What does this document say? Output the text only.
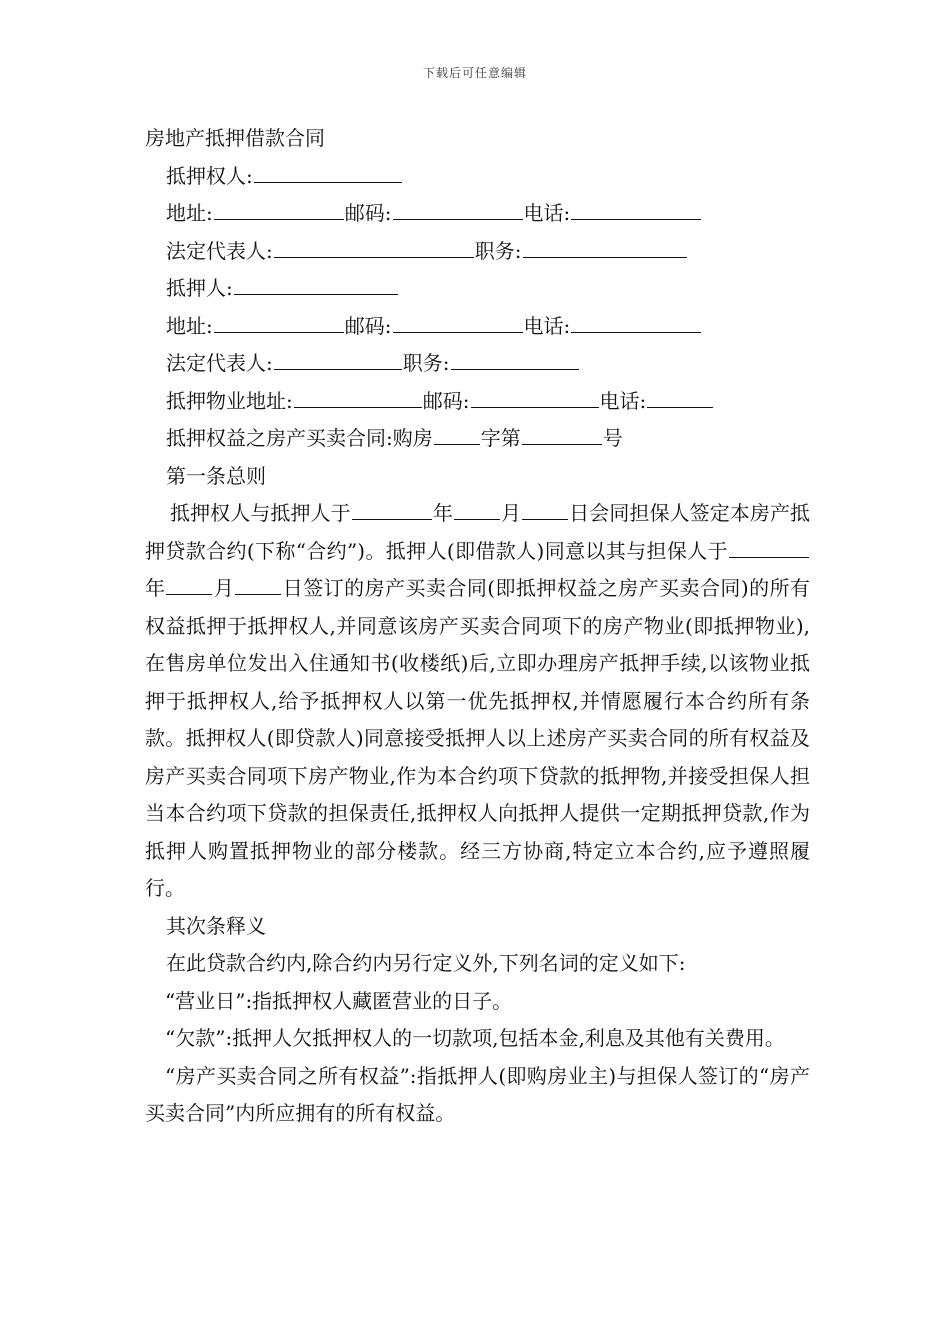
下载后可任意编辑
房地产抵押借款合同
抵押权人:
地址:	邮码:	电话:
法定代表人:	职务:
抵押人:
地址:	邮码:	电话:
法定代表人:	职务:
抵押物业地址:	邮码:	电话:
抵押权益之房产买卖合同:购房 字第	号
第一条总则
抵押权人与抵押人于	年 月 日会同担保人签定本房产抵押贷款合约(下称“合约”)。抵押人(即借款人)同意以其与担保人于年 月 日签订的房产买卖合同(即抵押权益之房产买卖合同)的所有权益抵押于抵押权人,并同意该房产买卖合同项下的房产物业(即抵押物业),在售房单位发出入住通知书(收楼纸)后,立即办理房产抵押手续,以该物业抵押于抵押权人,给予抵押权人以第一优先抵押权,并情愿履行本合约所有条款。抵押权人(即贷款人)同意接受抵押人以上述房产买卖合同的所有权益及房产买卖合同项下房产物业,作为本合约项下贷款的抵押物,并接受担保人担当本合约项下贷款的担保责任,抵押权人向抵押人提供一定期抵押贷款,作为抵押人购置抵押物业的部分楼款。经三方协商,特定立本合约,应予遵照履行。
其次条释义
在此贷款合约内,除合约内另行定义外,下列名词的定义如下:
“营业日”:指抵押权人藏匿营业的日子。
“欠款”:抵押人欠抵押权人的一切款项,包括本金,利息及其他有关费用。
“房产买卖合同之所有权益”:指抵押人(即购房业主)与担保人签订的“房产买卖合同”内所应拥有的所有权益。
